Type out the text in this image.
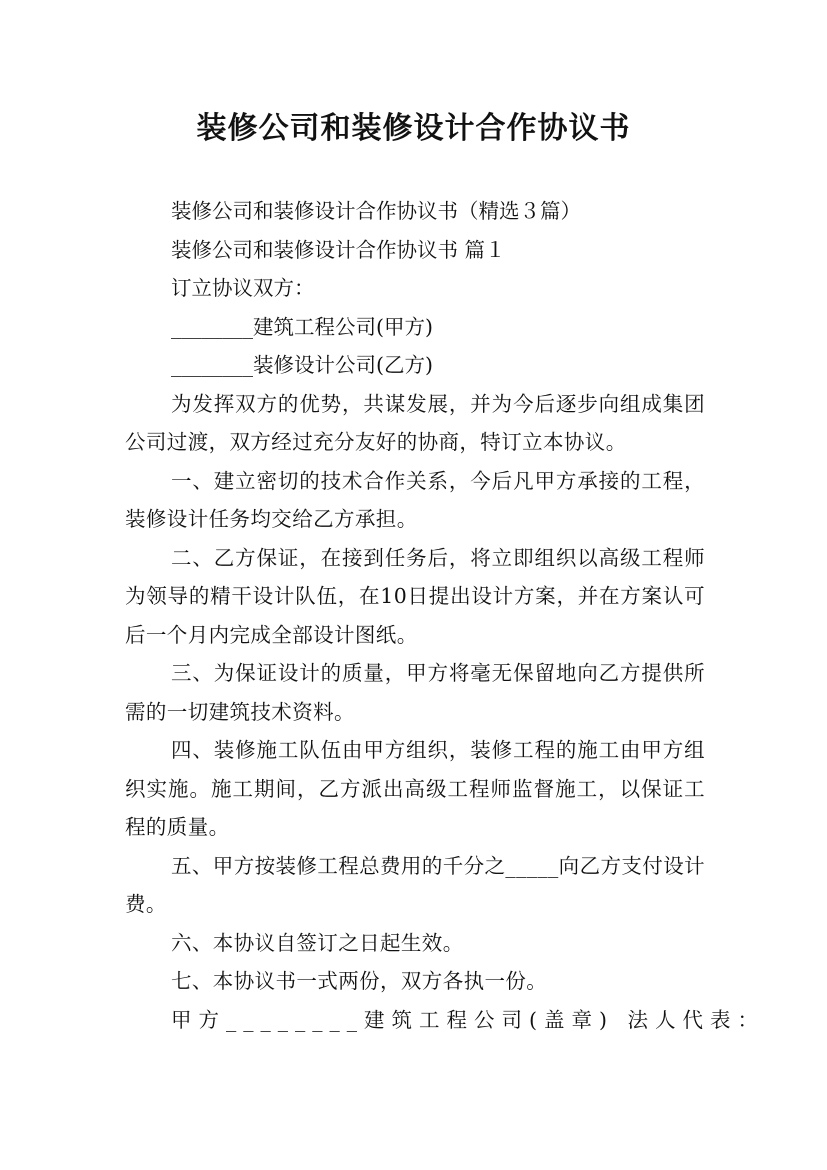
装修公司和装修设计合作协议书
装修公司和装修设计合作协议书（精选３篇）
装修公司和装修设计合作协议书 篇１
订立协议双方：
________建筑工程公司(甲方)
________装修设计公司(乙方)
为发挥双方的优势，共谋发展，并为今后逐步向组成集团公司过渡，双方经过充分友好的协商，特订立本协议。
一、建立密切的技术合作关系，今后凡甲方承接的工程，装修设计任务均交给乙方承担。
二、乙方保证，在接到任务后，将立即组织以高级工程师为领导的精干设计队伍，在10日提出设计方案，并在方案认可后一个月内完成全部设计图纸。
三、为保证设计的质量，甲方将毫无保留地向乙方提供所需的一切建筑技术资料。
四、装修施工队伍由甲方组织，装修工程的施工由甲方组织实施。施工期间，乙方派出高级工程师监督施工，以保证工程的质量。
五、甲方按装修工程总费用的千分之_____向乙方支付设计费。
六、本协议自签订之日起生效。
七、本协议书一式两份，双方各执一份。
甲方________建筑工程公司(盖章) 法人代表：
